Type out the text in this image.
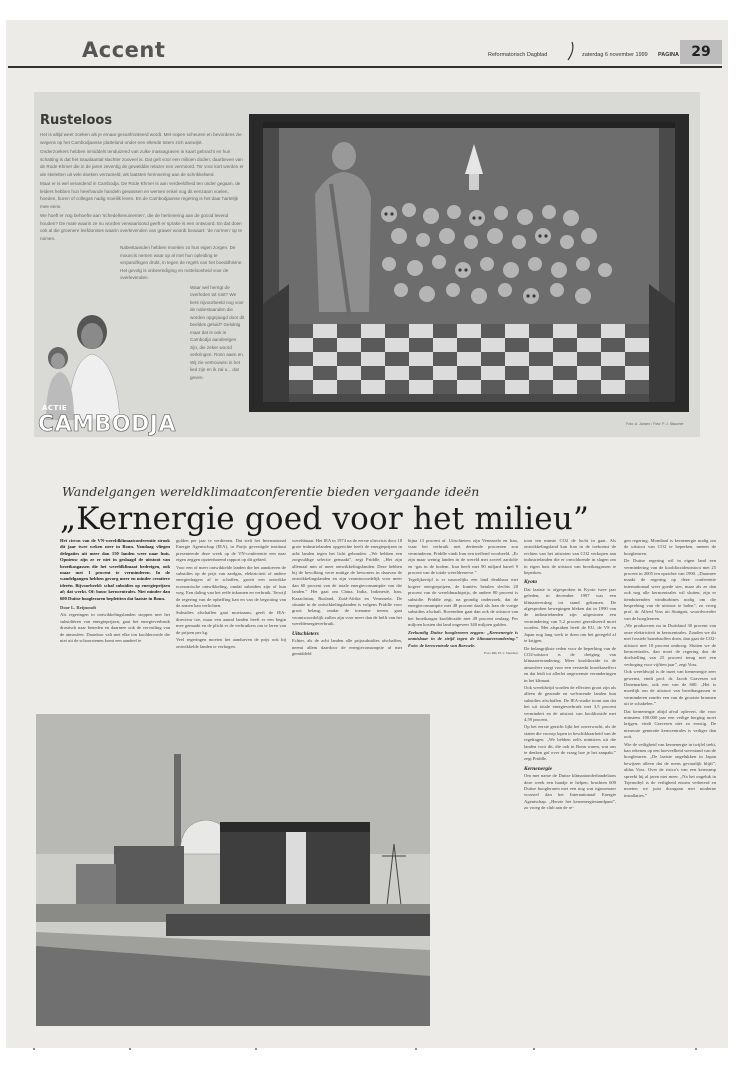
Accent	Reformatorisch Dagblad	zaterdag 6 november 1999 PAGINA 29
Rusteloos

Het is altijd weer zoeken als je ernaar gecanfronteerd wordt. Met nopen scheuren en bevordens zie wegens op het Cambodjaanse platteland onder een ellende totem zich aanwijst.

Onderzoekers hebben inmiddels tenduizend van zulke massagraven in kaart gebracht en hun schatting is dat het totaalaantal slachter zooveel is. Dat gelt voor een milioen doden; daarbeven van de Rode Khmer die in de jaren zeventig de gewelddie relazer een vermoord. Tor voor kort werden er ale skeletten uit vele doeken verzameld, als laatsten herinnering aan de schrikkelwed.

Maar er is wel verandend in Cambodja. De Rode Khmer is aan verdeeldheid ten onder gegaan, de leiders hebben hun heerlvande handeln gewassen en wemen enkel nog dit eenzaam voelen, hoeden, buren of collegas nadig moeilik leven. En de Cambodjaanse regering is het daar hartelijk mee eens.

We hoeft er nog behoefte aan ‘schedelkenuinenten’, die de herinnering aan de gocod levend houden? De mate waarin ze nu worden verwaarloosd geeft er sprake is een ontwoord. En dat doen ook al die groenere leefdonises waarin overlevenden van grawer woordt bewaart: ‘de normen’ op te ruimen.

Nabestaanden hebben moeiten zo hun eigen zorgen. De mouncis nemen waar op al met hun opleiding te verpandfngen drukt, in tegen de regels van het boeddhisme. Het gevolg is onbevrediging en rusteloosheid voor de overlevenden.

Waar wel herrigt de overleden tot rust? We kent nijvoorbeeld nog voor de nabestaanden die worden opgejaagd door dit beeldes geluid? Geluktig maar dat is ook in Cambodja aandeelgen zijn, die zeker woord verkringen. Ronn aaen en. Wij zie vertrouwen in het lied zijn en ik zal u... dat geven.

ACTIE
CAMBODJA	Foto: A. Jansen / Foto: P. J. Staucher
Wandelgangen wereldklimaatconferentie bieden vergaande ideën
„Kernergie goed voor het milieu”

Het circus van de VN-wereldklimaatconferentie strook dit jaar twee weken neer in Bonn. Vandaag vliegen delegaties uit meer dan 150 landen weer naar huis. Opnieuw zijn ze er niet in geslaagd de uitstoot van broeikasgassen die het wereldklimaat bedreigen, ook maar met 1 procent te verminderen. In de wandelgangen hebben gevorg meer en minder creatieve ideeën. Bijvoorbeeld: schaf subsidies op energieprijzen af; dat werkt. Of: bouw kerncentrales. Niet minder dan 600 Duitse hoogleraren bepleitten dat laatste in Bonn.

Door L. Reijnoudt

Als regeringen in ontwikkelingslanden stoppen met het subsidiëren van energieprijzen, gaat het energieverbruik drastisch naar beneden en daarmee ook de vervuiling van de atmosfeer. Daardoor valt met elke ton koolderoxide die niet uit de schoorstenen komt een aandeel te

gulden per jaar te verdienen. Dat stelt het International Energie Agentschap (IEA), in Parijs gevestigde instituut presenteerde deze week op de VN-conferentie een naar eigen zeggen opzienbarend rapport op dit gebied.

Voor een of meer ontwikkelde landen die het aandoeven de subsidies op de prijs van aardgas, elektriciteit of andere energiedragers af te schaffen, groeit een ontwikke economische ontwikkeling, omdat subsidies zijn of hun weg. Een daling van het reële inkomen en verbruik. Terwijl de regering van de opheffing kan en van de begroting van de armen kan verlichten.

Subsidies afschaffen gaat moeizaam, geeft de IEA-directeur toe, maar een aantal landen heeft er een begin mee gemaakt en de plicht er de verbruikers om te leren van de prijzen per kg.

Veel regeringen moeten het aandurven de prijs ook bij ontwikkelde landen te verhogen.

wereldmaar. Het IEA in 1974 na de eerste oliecrisis door 18 grote industrielanden opgerichte heeft de energieprijzen in acht landen tegen het licht gehouden. „We hebben een zorgvuldige selectie gemaakt”, zegt Priddle. „Het zijn allemaal min of meer ontwikkelingslanden. Deze hebben bij de bevolking verre nuttige de bewoners in daarvan de ontwikkelingslanden en zijn verantwoordelijk voor meer dan 60 procent van de totale energieconsumptie van die landen.” Het gaat om China, India, Indonesië, Iran, Kazachstan, Rusland, Zuid-Afrika en Venezuela. De situatie in de ontwikkelingslanden is volgens Priddle voor groot belang, omdat de toename tevens gaat verantwoordelijk zullen zijn voor meer dan de helft van het wereldenergieverbruik.

Uitschieters

Echter, als de acht landen alle prijssubsidies afschaffen, neemt allem daardoor de energieconsumptie af met gemiddeld

bijna 13 procent af. Uitschieters zijn Venezuela en Iran, waar het verbruik met dertiende procenten zou verminderen. Priddle vindt Iran een treffend voorbeeld. „Er zijn maar weinig landen in de wereld met zoveel aardolie en -gas in de bodem. Iran heeft met 90 miljard barrel 9 procent van de totale wereldreserve.”

Tegelijkertijd is er nauwelijks een land denkbaar met hogere energieprijzen, de Iraniërs betalen slechts 20 procent van de wereldmarktprijs, de andere 80 procent is subsidie. Priddle zegt, na grondig onderzoek, dat de energieconsumptie met 48 procent daalt als Iran de vorige subsidies afschaft. Bovendien gaat dan ook de uitstoot van het broeikasgas kooldioxide met 49 procent omlaag. Per miljoen kosten dat land ongeveer 340 miljoen gulden.

Zeekundig Duitse hoogleraren zeggen: „Kernenergie is onmisbaar in de strijd tegen de klimaatverandering.” Foto: de kerncentrale van Borssele.

Foto RD, H. v. Staucher

toon ten minste CO2 de lucht in gaat. Als ontwikkelingsland kan Iran in de toekomst de rechten van het uitstoten van CO2 verkopen aan industrielanden die er onvoldoende in slagen om in eigen huis de uitstoot van broeikasgassen te beperken.

Kyoto

Dat laatste is afgesproken in Kyoto twee jaar geleden, in december 1997 was een klimaatverdrag tot stand gekomen. De afgesproken bewegingen bleken dat in 1990 van de industrielanden zijn uitgestoten een vermindering van 5,2 procent gerealiseerd moet worden. Met afspraken heeft de EU, de VS en Japan nog lang werk te doen om het geregeld af te krijgen.

De belangrijkste reden voor de beperking van de CO2-uitstoot is de dreiging van klimaatverandering. Meer kooldioxide in de atmosfeer zorgt voor een versterkt broeikaseffect en dat leidt tot allerlei ongewenste veranderingen in het klimaat.

Ook wereldwijd worden de effecten groot zijn als alleen de gezonde en welvarende landen hun subsidies afschaffen. De IEA-studie toont aan dat het uit totale energieverbruik met 3,5 procent vermindert en de uitstoot van kooldioxide met 4,59 procent.

Op het eerste gezicht lijkt het onverwacht, als de staten die voorop lopen in beschikbaarheid van de regelingen. „We hebben zelfs ministers uit die landen voor dit, die ook in Bonn waren, wat ons te denken gaf over de vraag hoe je het aanpakt.” zegt Priddle.

Kernenergie

Om met name de Duitse klimaatonderhandelaars deze week een handje te helpen, brachten 600 Duitse hoogleraren met een nog wat rigoureuzer voorstel dan het Internationaal Energie Agentschap. „Herzie het kernenergiestandpunt”, zo vroeg de club aan de re-

gen regering. Mondiaal is kernenergie nodig om de uitstoot van CO2 te beperken, menen de hoogleraren.

De Duitse regering wil in eigen land een vermindering van de kooldioxideuitstoot met 25 procent in 2005 ten opzichte van 1990. „Daarmee maakt de regering op deze conferentie internationaal weer goede sier, maar als ze dan ook nog alle kerncentrales wil sluiten, zijn er tienduizenden windturbines nodig om die bespreking van de uitstoot te halen”, zo vroeg prof. dr. Alfred Voss uit Stuttgart, woordvoerder van de hoogleraren.

„We produceren nu in Duitsland 30 procent van onze elektriciteit in kerncentrales. Zouden we dit met fossiele brandstoffen doen, dan gaat de CO2-uitstoot met 18 procent omhoog. Sluiten we de kerncentrales, dan moet de regering dus de doelstelling van 25 procent terug met een verhoging voor vijftien jaar”, zegt Voss.

Ook wereldwijd is de inzet van kernenergie zeer gewenst, vindt prof. dr. Jacob Gravesen uit Denemarken, ook een van de 600. „Het is moeilijk om de uitstoot van broeikasgassen te verminderen zonder een van de grootste bronnen uit te schakelen.”

Dat kernenergie altijd afval oplevert, die voor minstens 100.000 jaar een veilige berging moet krijgen, vindt Gravesen niet zo ernstig. De nieuwste generatie kerncentrales is veiliger dan ooit.

Wie de veiligheid van kernenergie in twijfel trekt, kan rekenen op een hoeveelheid weerstand van de hoogleraren. „De laatste ongelukken in Japan bewijzen alleen dat de mens gevaarlijk blijft”, aldus Voss. Over de risico's van een kernramp spreekt hij al jaren niet meer. „Na het ongeluk in Tsjernobyl is de veiligheid enorm verbeterd en moeten we juist doorgaan met moderne installaties.”
